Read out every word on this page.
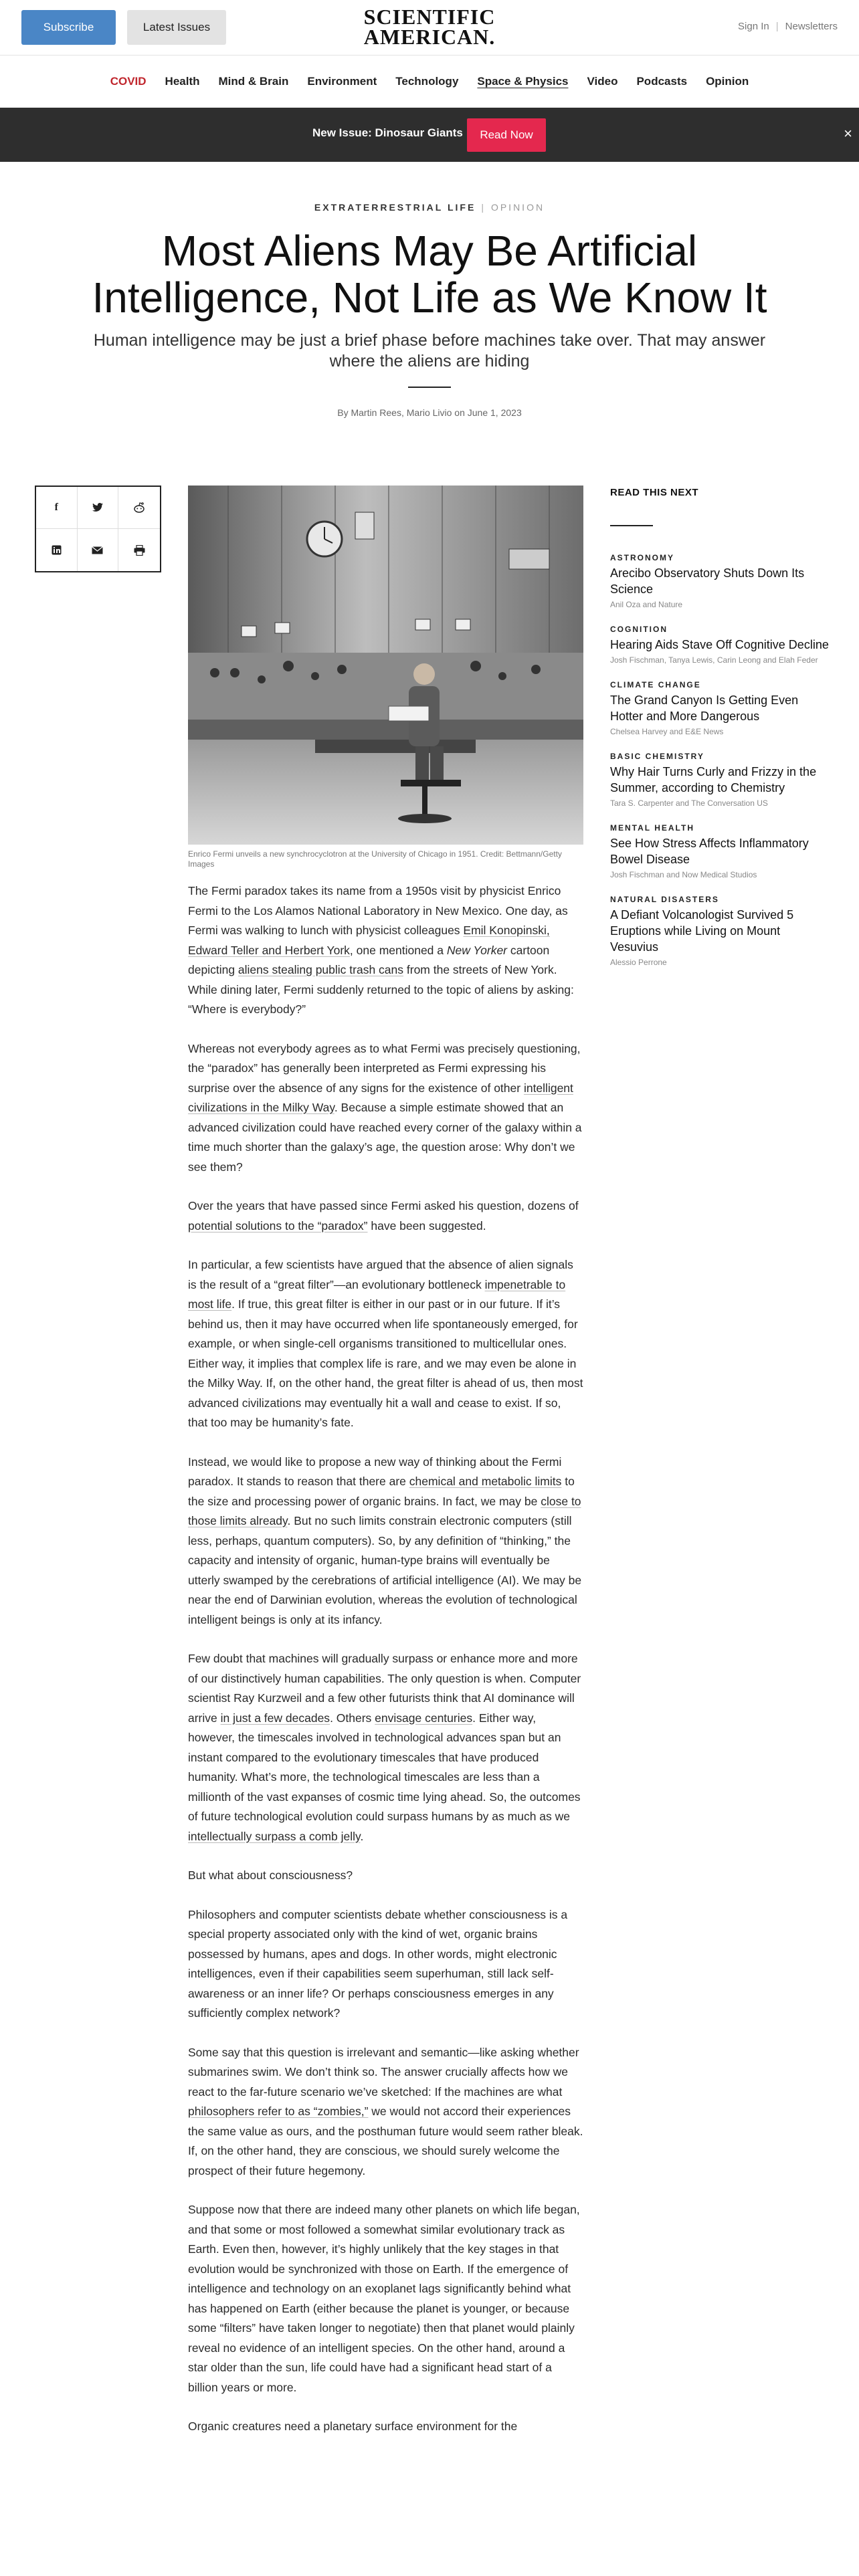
Subscribe	Latest Issues	SCIENTIFIC
AMERICAN.	Sign In | Newsletters
COVID Health Mind & Brain Environment Technology Space & Physics Video Podcasts Opinion
New Issue: Dinosaur Giants	Read Now	×
EXTRATERRESTRIAL LIFE | OPINION
Most Aliens May Be Artificial Intelligence, Not Life as We Know It

Human intelligence may be just a brief phase before machines take over. That may answer where the aliens are hiding

By Martin Rees, Mario Livio on June 1, 2023
f
Enrico Fermi unveils a new synchrocyclotron at the University of Chicago in 1951. Credit: Bettmann/Getty Images

The Fermi paradox takes its name from a 1950s visit by physicist Enrico Fermi to the Los Alamos National Laboratory in New Mexico. One day, as Fermi was walking to lunch with physicist colleagues Emil Konopinski, Edward Teller and Herbert York, one mentioned a New Yorker cartoon depicting aliens stealing public trash cans from the streets of New York. While dining later, Fermi suddenly returned to the topic of aliens by asking: “Where is everybody?”

Whereas not everybody agrees as to what Fermi was precisely questioning, the “paradox” has generally been interpreted as Fermi expressing his surprise over the absence of any signs for the existence of other intelligent civilizations in the Milky Way. Because a simple estimate showed that an advanced civilization could have reached every corner of the galaxy within a time much shorter than the galaxy’s age, the question arose: Why don’t we see them?

Over the years that have passed since Fermi asked his question, dozens of potential solutions to the “paradox” have been suggested.

In particular, a few scientists have argued that the absence of alien signals is the result of a “great filter”—an evolutionary bottleneck impenetrable to most life. If true, this great filter is either in our past or in our future. If it’s behind us, then it may have occurred when life spontaneously emerged, for example, or when single-cell organisms transitioned to multicellular ones. Either way, it implies that complex life is rare, and we may even be alone in the Milky Way. If, on the other hand, the great filter is ahead of us, then most advanced civilizations may eventually hit a wall and cease to exist. If so, that too may be humanity’s fate.

Instead, we would like to propose a new way of thinking about the Fermi paradox. It stands to reason that there are chemical and metabolic limits to the size and processing power of organic brains. In fact, we may be close to those limits already. But no such limits constrain electronic computers (still less, perhaps, quantum computers). So, by any definition of “thinking,” the capacity and intensity of organic, human-type brains will eventually be utterly swamped by the cerebrations of artificial intelligence (AI). We may be near the end of Darwinian evolution, whereas the evolution of technological intelligent beings is only at its infancy.

Few doubt that machines will gradually surpass or enhance more and more of our distinctively human capabilities. The only question is when. Computer scientist Ray Kurzweil and a few other futurists think that AI dominance will arrive in just a few decades. Others envisage centuries. Either way, however, the timescales involved in technological advances span but an instant compared to the evolutionary timescales that have produced humanity. What’s more, the technological timescales are less than a millionth of the vast expanses of cosmic time lying ahead. So, the outcomes of future technological evolution could surpass humans by as much as we intellectually surpass a comb jelly.

But what about consciousness?

Philosophers and computer scientists debate whether consciousness is a special property associated only with the kind of wet, organic brains possessed by humans, apes and dogs. In other words, might electronic intelligences, even if their capabilities seem superhuman, still lack self-awareness or an inner life? Or perhaps consciousness emerges in any sufficiently complex network?

Some say that this question is irrelevant and semantic—like asking whether submarines swim. We don’t think so. The answer crucially affects how we react to the far-future scenario we’ve sketched: If the machines are what philosophers refer to as “zombies,” we would not accord their experiences the same value as ours, and the posthuman future would seem rather bleak. If, on the other hand, they are conscious, we should surely welcome the prospect of their future hegemony.

Suppose now that there are indeed many other planets on which life began, and that some or most followed a somewhat similar evolutionary track as Earth. Even then, however, it’s highly unlikely that the key stages in that evolution would be synchronized with those on Earth. If the emergence of intelligence and technology on an exoplanet lags significantly behind what has happened on Earth (either because the planet is younger, or because some “filters” have taken longer to negotiate) then that planet would plainly reveal no evidence of an intelligent species. On the other hand, around a star older than the sun, life could have had a significant head start of a billion years or more.

Organic creatures need a planetary surface environment for the

READ THIS NEXT
ASTRONOMY
Arecibo Observatory Shuts Down Its Science
Anil Oza and Nature
COGNITION
Hearing Aids Stave Off Cognitive Decline
Josh Fischman, Tanya Lewis, Carin Leong and Elah Feder
CLIMATE CHANGE
The Grand Canyon Is Getting Even Hotter and More Dangerous
Chelsea Harvey and E&E News
BASIC CHEMISTRY
Why Hair Turns Curly and Frizzy in the Summer, according to Chemistry
Tara S. Carpenter and The Conversation US
MENTAL HEALTH
See How Stress Affects Inflammatory Bowel Disease
Josh Fischman and Now Medical Studios
NATURAL DISASTERS
A Defiant Volcanologist Survived 5 Eruptions while Living on Mount Vesuvius
Alessio Perrone
